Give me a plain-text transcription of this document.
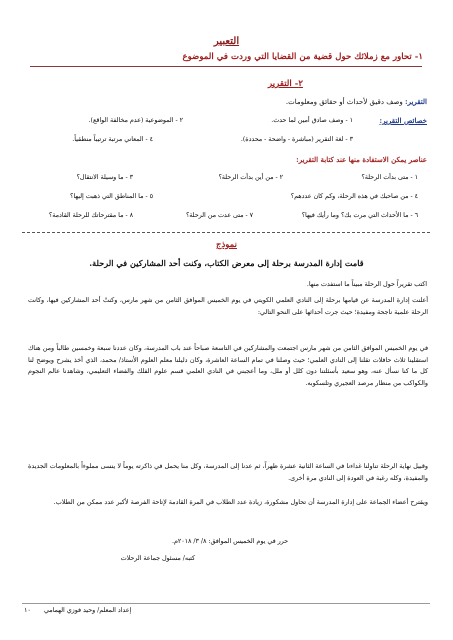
التعبير
١- تحاور مع زملائك حول قضية من القضايا التي وردت في الموضوع
٢- التقرير
التقرير: وصف دقيق لأحداث أو حقائق ومعلومات.
خصائص التقرير:
١ - وصف صادق أمين لما حدث.
٢ - الموضوعية (عدم مخالفة الواقع).
٣ - لغة التقرير (مباشرة - واضحة - محددة).
٤ - المعاني مرتبة ترتيباً منطقياً.
عناصر يمكن الاستفادة منها عند كتابة التقرير:
١ - متى بدأت الرحلة؟
٢ - من أين بدأت الرحلة؟
٣ - ما وسيلة الانتقال؟
٤ - من صاحبك في هذه الرحلة، وكم كان عددهم؟
٥ - ما المناطق التي ذهبت إليها؟
٦ - ما الأحداث التي مرت بك؟ وما رأيك فيها؟
٧ - متى عدت من الرحلة؟
٨ - ما مقترحاتك للرحلة القادمة؟
نموذج
قامت إدارة المدرسة برحلة إلى معرض الكتاب، وكنت أحد المشاركين في الرحلة.
اكتب تقريراً حول الرحلة مبيناً ما استفدت منها.
أعلنت إدارة المدرسة عن قيامها برحلة إلى النادي العلمي الكويتي في يوم الخميس الموافق الثامن من شهر مارس، وكنتُ أحد المشاركين فيها، وكانت الرحلة علمية ناجحة ومفيدة؛ حيث جرت أحداثها على النحو التالي:
في يوم الخميس الموافق الثامن من شهر مارس اجتمعت والمشاركين في التاسعة صباحاً عند باب المدرسة، وكان عددنا سبعة وخمسين طالباً ومن هناك استقلينا ثلاث حافلات تقلنا إلى النادي العلمي؛ حيث وصلنا في تمام الساعة العاشرة، وكان دليلنا معلم العلوم الأستاذ/ محمد، الذي أخذ يشرح ويوضح لنا كل ما كنا نسأل عنه، وهو سعيد بأسئلتنا دون كلل أو ملل، وما أعجبني في النادي العلمي قسم علوم الفلك والفضاء التعليمي، وشاهدنا عالم النجوم والكواكب من منظار مرصد العجيري وتلسكوبه.
وقبيل نهاية الرحلة تناولنا غداءنا في الساعة الثانية عشرة ظهراً، ثم عدنا إلى المدرسة، وكل منا يحمل في ذاكرته يوماً لا ينسى مملوءاً بالمعلومات الجديدة والمفيدة، وكله رغبة في العودة إلى النادي مرة أخرى.
ويقترح أعضاء الجماعة على إدارة المدرسة أن تحاول مشكورة، زيادة عدد الطلاب في المرة القادمة لإتاحة الفرصة لأكبر عدد ممكن من الطلاب.
حرر في يوم الخميس الموافق: ٨/ ٣/ ٢٠١٨م.
كتبه/ مسئول جماعة الرحلات
إعداد المعلم/ وحيد فوزي الهمامي
١٠
